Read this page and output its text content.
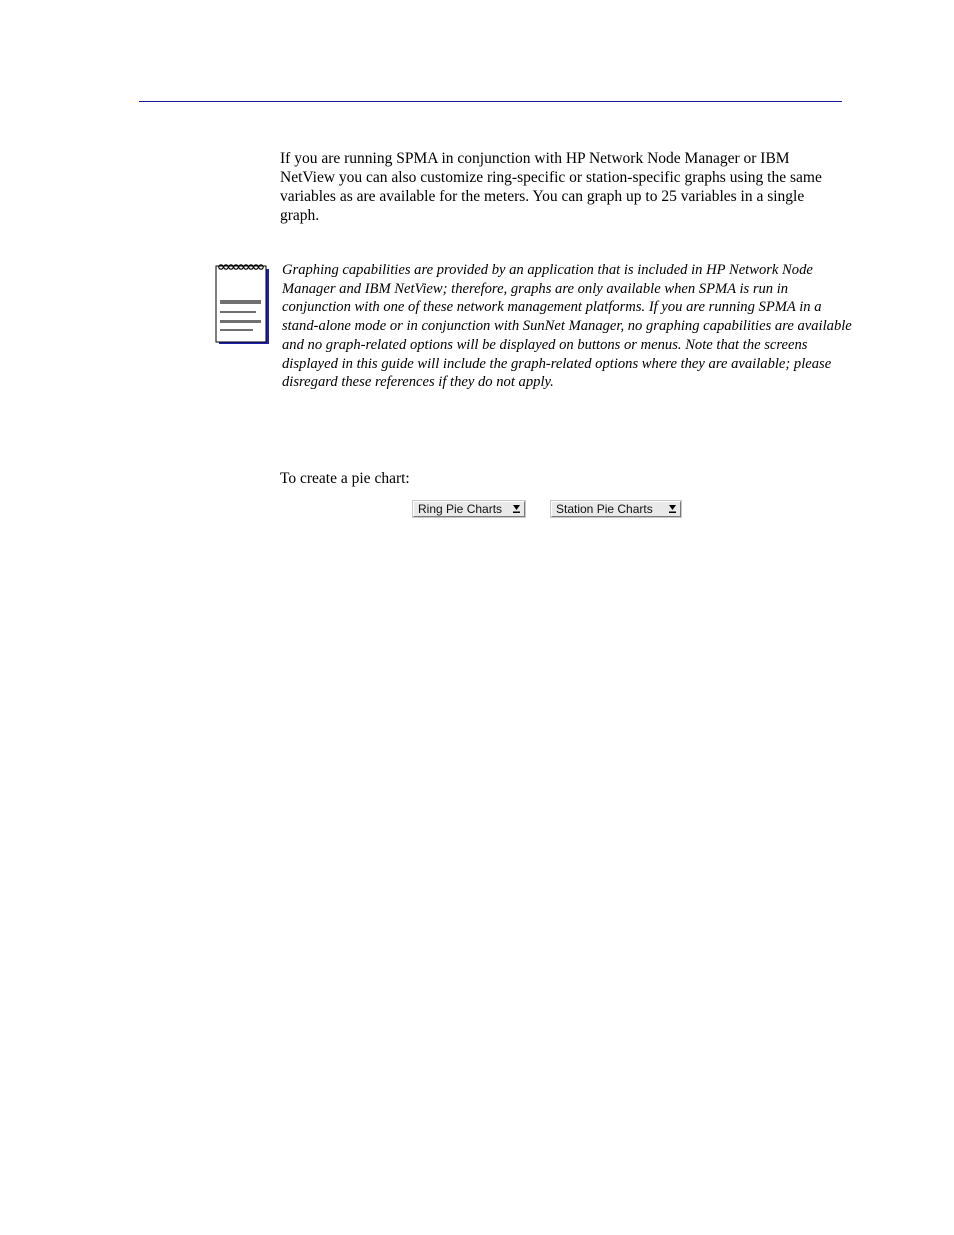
If you are running SPMA in conjunction with HP Network Node Manager or IBM NetView you can also customize ring-specific or station-specific graphs using the same variables as are available for the meters. You can graph up to 25 variables in a single graph.

Graphing capabilities are provided by an application that is included in HP Network Node Manager and IBM NetView; therefore, graphs are only available when SPMA is run in conjunction with one of these network management platforms. If you are running SPMA in a stand-alone mode or in conjunction with SunNet Manager, no graphing capabilities are available and no graph-related options will be displayed on buttons or menus. Note that the screens displayed in this guide will include the graph-related options where they are available; please disregard these references if they do not apply.

To create a pie chart:

Ring Pie Charts	Station Pie Charts
